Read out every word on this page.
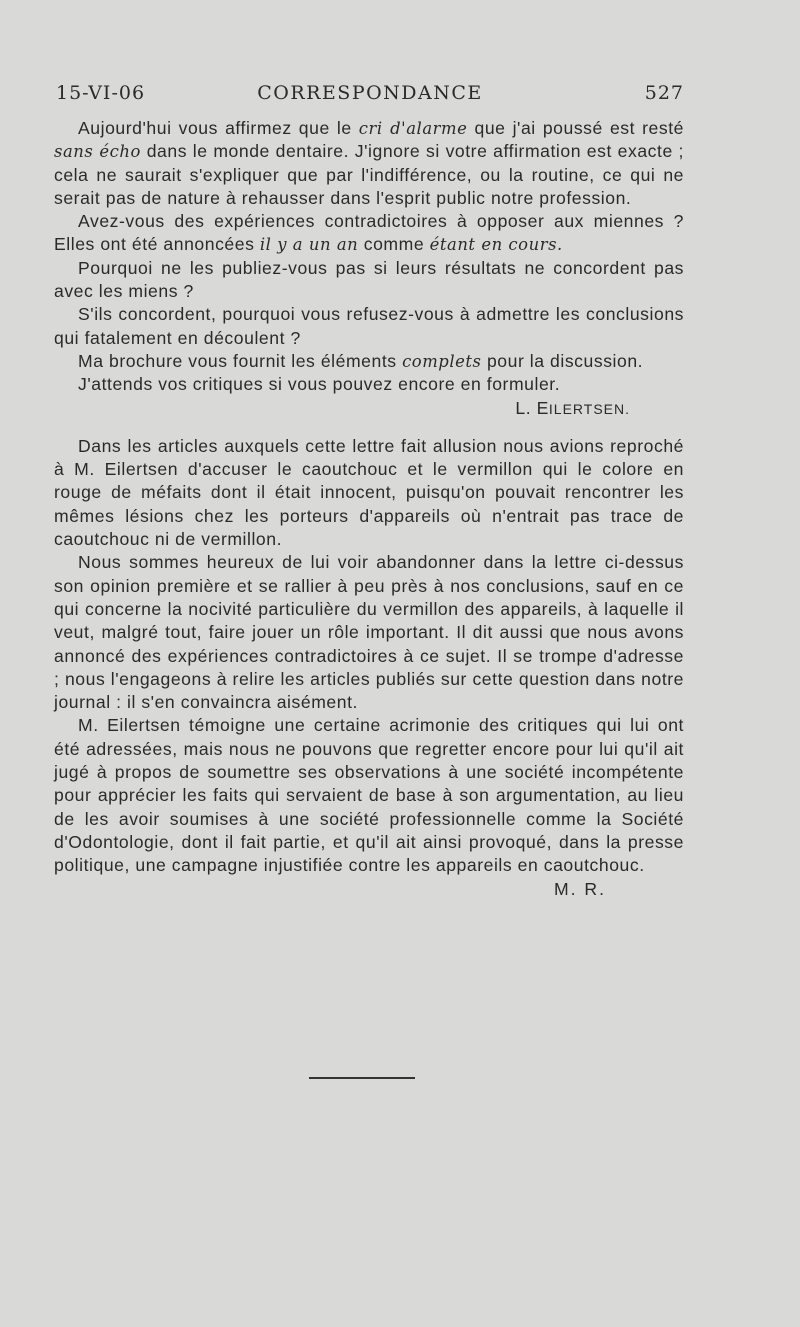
15-VI-06	CORRESPONDANCE	527

Aujourd'hui vous affirmez que le cri d'alarme que j'ai poussé est resté sans écho dans le monde dentaire. J'ignore si votre affirmation est exacte ; cela ne saurait s'expliquer que par l'indifférence, ou la routine, ce qui ne serait pas de nature à rehausser dans l'esprit public notre profession.

Avez-vous des expériences contradictoires à opposer aux miennes ? Elles ont été annoncées il y a un an comme étant en cours.

Pourquoi ne les publiez-vous pas si leurs résultats ne concordent pas avec les miens ?

S'ils concordent, pourquoi vous refusez-vous à admettre les conclusions qui fatalement en découlent ?

Ma brochure vous fournit les éléments complets pour la discussion.

J'attends vos critiques si vous pouvez encore en formuler.

L. EILERTSEN.

Dans les articles auxquels cette lettre fait allusion nous avions reproché à M. Eilertsen d'accuser le caoutchouc et le vermillon qui le colore en rouge de méfaits dont il était innocent, puisqu'on pouvait rencontrer les mêmes lésions chez les porteurs d'appareils où n'entrait pas trace de caoutchouc ni de vermillon.

Nous sommes heureux de lui voir abandonner dans la lettre ci-dessus son opinion première et se rallier à peu près à nos conclusions, sauf en ce qui concerne la nocivité particulière du vermillon des appareils, à laquelle il veut, malgré tout, faire jouer un rôle important. Il dit aussi que nous avons annoncé des expériences contradictoires à ce sujet. Il se trompe d'adresse ; nous l'engageons à relire les articles publiés sur cette question dans notre journal : il s'en convaincra aisément.

M. Eilertsen témoigne une certaine acrimonie des critiques qui lui ont été adressées, mais nous ne pouvons que regretter encore pour lui qu'il ait jugé à propos de soumettre ses observations à une société incompétente pour apprécier les faits qui servaient de base à son argumentation, au lieu de les avoir soumises à une société professionnelle comme la Société d'Odontologie, dont il fait partie, et qu'il ait ainsi provoqué, dans la presse politique, une campagne injustifiée contre les appareils en caoutchouc.

M. R.
